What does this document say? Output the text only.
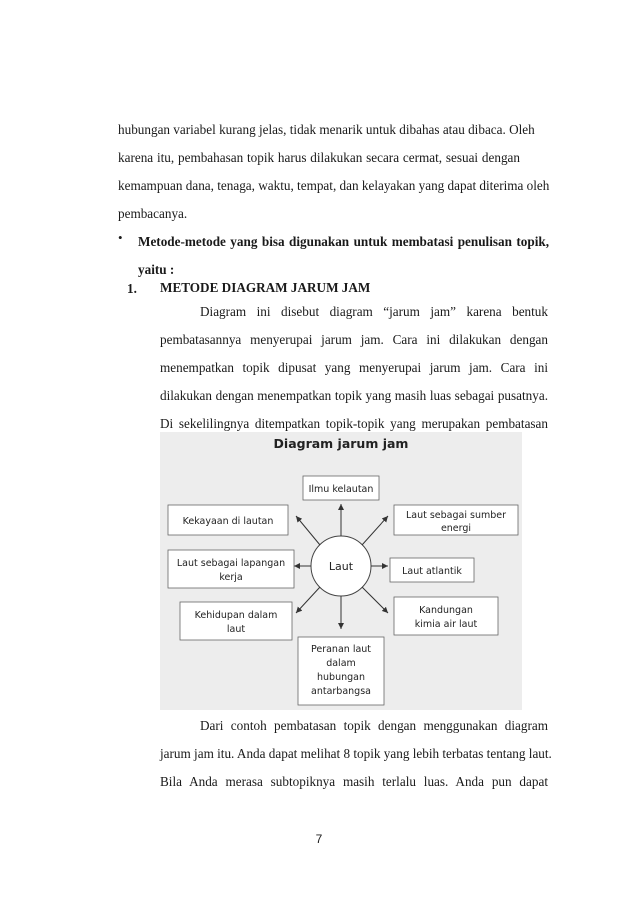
hubungan variabel kurang jelas, tidak menarik untuk dibahas atau dibaca. Oleh
karena itu, pembahasan topik harus dilakukan secara cermat, sesuai dengan
kemampuan dana, tenaga, waktu, tempat, dan kelayakan yang dapat diterima oleh
pembacanya.
• Metode-metode yang bisa digunakan untuk membatasi penulisan topik,
yaitu :
1. METODE DIAGRAM JARUM JAM
Diagram ini disebut diagram “jarum jam” karena bentuk
pembatasannya menyerupai jarum jam. Cara ini dilakukan dengan
menempatkan topik dipusat yang menyerupai jarum jam. Cara ini
dilakukan dengan menempatkan topik yang masih luas sebagai pusatnya.
Di sekelilingnya ditempatkan topik-topik yang merupakan pembatasan
Diagram jarum jam
Laut
Ilmu kelautan
Kekayaan di lautan
Laut sebagai sumber
energi
Laut sebagai lapangan
kerja
Laut atlantik
Kehidupan dalam
laut
Kandungan
kimia air laut
Peranan laut
dalam
hubungan
antarbangsa
Dari contoh pembatasan topik dengan menggunakan diagram
jarum jam itu. Anda dapat melihat 8 topik yang lebih terbatas tentang laut.
Bila Anda merasa subtopiknya masih terlalu luas. Anda pun dapat
7
